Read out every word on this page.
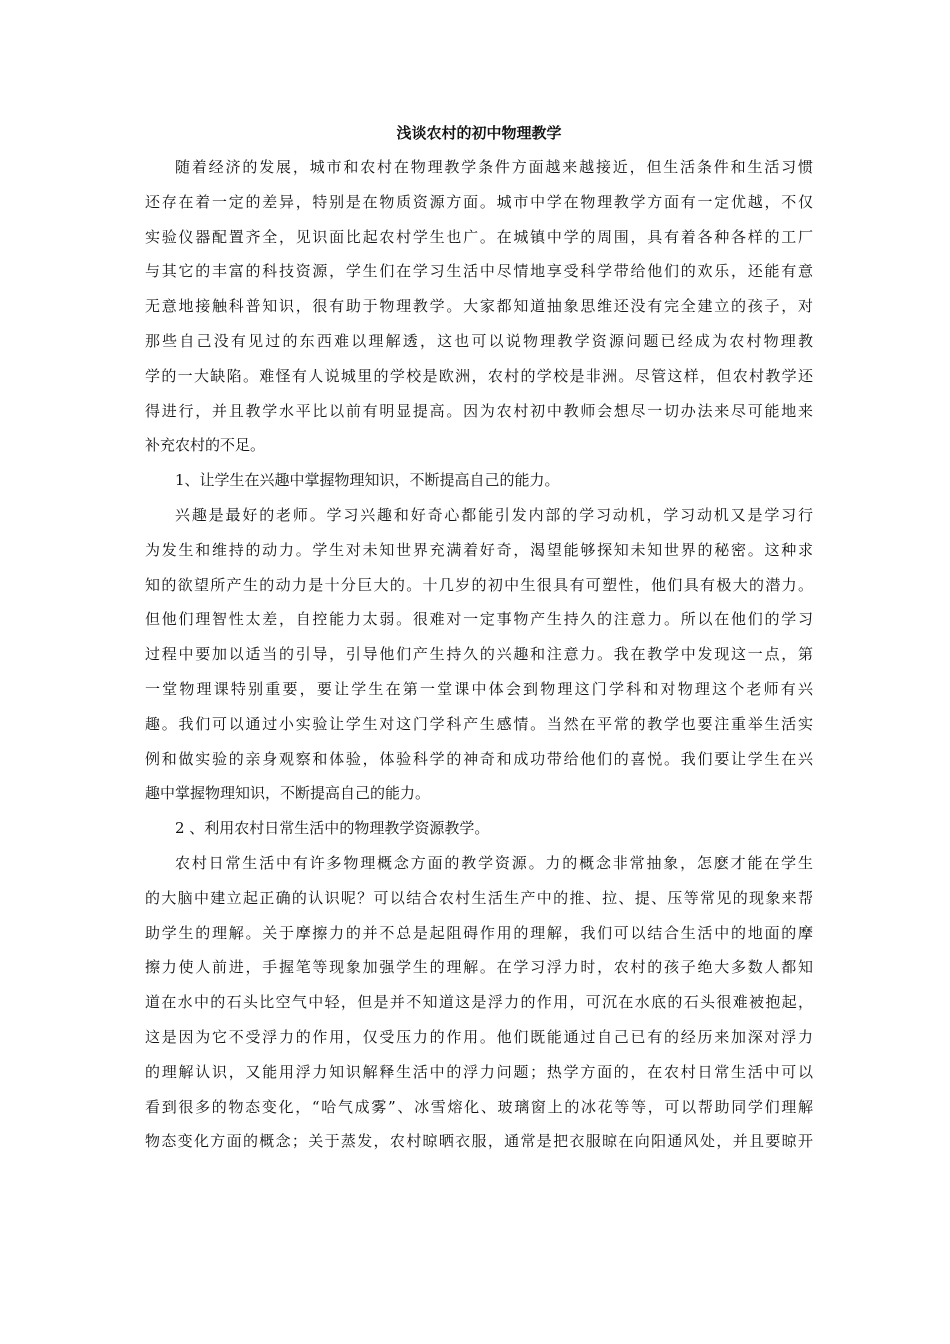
浅谈农村的初中物理教学
随着经济的发展，城市和农村在物理教学条件方面越来越接近，但生活条件和生活习惯
还存在着一定的差异，特别是在物质资源方面。城市中学在物理教学方面有一定优越，不仅
实验仪器配置齐全，见识面比起农村学生也广。在城镇中学的周围，具有着各种各样的工厂
与其它的丰富的科技资源，学生们在学习生活中尽情地享受科学带给他们的欢乐，还能有意
无意地接触科普知识，很有助于物理教学。大家都知道抽象思维还没有完全建立的孩子，对
那些自己没有见过的东西难以理解透，这也可以说物理教学资源问题已经成为农村物理教
学的一大缺陷。难怪有人说城里的学校是欧洲，农村的学校是非洲。尽管这样，但农村教学还
得进行，并且教学水平比以前有明显提高。因为农村初中教师会想尽一切办法来尽可能地来
补充农村的不足。
1、让学生在兴趣中掌握物理知识，不断提高自己的能力。
兴趣是最好的老师。学习兴趣和好奇心都能引发内部的学习动机，学习动机又是学习行
为发生和维持的动力。学生对未知世界充满着好奇，渴望能够探知未知世界的秘密。这种求
知的欲望所产生的动力是十分巨大的。十几岁的初中生很具有可塑性，他们具有极大的潜力。
但他们理智性太差，自控能力太弱。很难对一定事物产生持久的注意力。所以在他们的学习
过程中要加以适当的引导，引导他们产生持久的兴趣和注意力。我在教学中发现这一点，第
一堂物理课特别重要，要让学生在第一堂课中体会到物理这门学科和对物理这个老师有兴
趣。我们可以通过小实验让学生对这门学科产生感情。当然在平常的教学也要注重举生活实
例和做实验的亲身观察和体验，体验科学的神奇和成功带给他们的喜悦。我们要让学生在兴
趣中掌握物理知识，不断提高自己的能力。
2 、利用农村日常生活中的物理教学资源教学。
农村日常生活中有许多物理概念方面的教学资源。力的概念非常抽象，怎麽才能在学生
的大脑中建立起正确的认识呢？可以结合农村生活生产中的推、拉、提、压等常见的现象来帮
助学生的理解。关于摩擦力的并不总是起阻碍作用的理解，我们可以结合生活中的地面的摩
擦力使人前进，手握笔等现象加强学生的理解。在学习浮力时，农村的孩子绝大多数人都知
道在水中的石头比空气中轻，但是并不知道这是浮力的作用，可沉在水底的石头很难被抱起，
这是因为它不受浮力的作用，仅受压力的作用。他们既能通过自己已有的经历来加深对浮力
的理解认识，又能用浮力知识解释生活中的浮力问题；热学方面的，在农村日常生活中可以
看到很多的物态变化，“哈气成雾”、冰雪熔化、玻璃窗上的冰花等等，可以帮助同学们理解
物态变化方面的概念；关于蒸发，农村晾晒衣服，通常是把衣服晾在向阳通风处，并且要晾开
